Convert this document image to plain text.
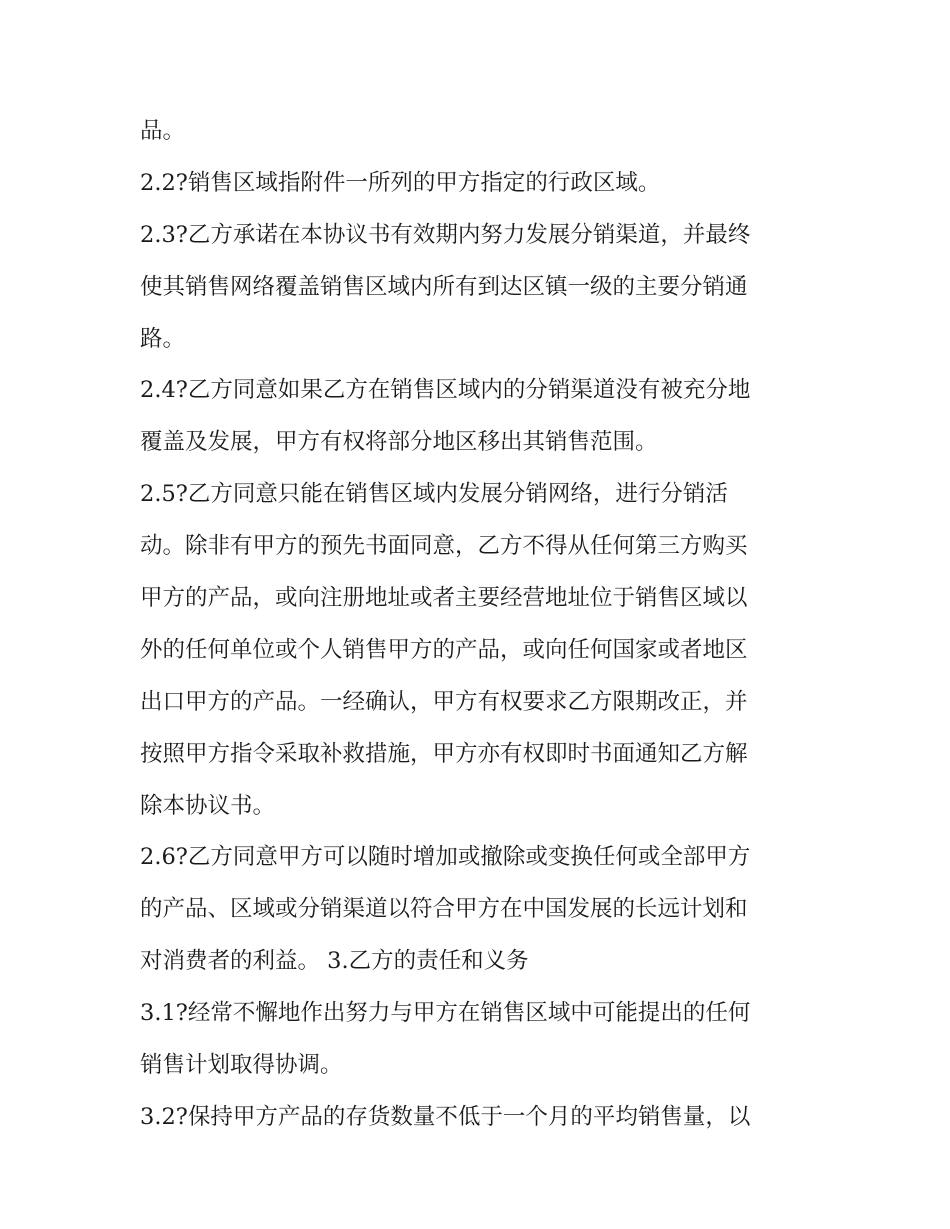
品。
2.2?销售区域指附件一所列的甲方指定的行政区域。
2.3?乙方承诺在本协议书有效期内努力发展分销渠道，并最终
使其销售网络覆盖销售区域内所有到达区镇一级的主要分销通
路。
2.4?乙方同意如果乙方在销售区域内的分销渠道没有被充分地
覆盖及发展，甲方有权将部分地区移出其销售范围。
2.5?乙方同意只能在销售区域内发展分销网络，进行分销活
动。除非有甲方的预先书面同意，乙方不得从任何第三方购买
甲方的产品，或向注册地址或者主要经营地址位于销售区域以
外的任何单位或个人销售甲方的产品，或向任何国家或者地区
出口甲方的产品。一经确认，甲方有权要求乙方限期改正，并
按照甲方指令采取补救措施，甲方亦有权即时书面通知乙方解
除本协议书。
2.6?乙方同意甲方可以随时增加或撤除或变换任何或全部甲方
的产品、区域或分销渠道以符合甲方在中国发展的长远计划和
对消费者的利益。 3.乙方的责任和义务
3.1?经常不懈地作出努力与甲方在销售区域中可能提出的任何
销售计划取得协调。
3.2?保持甲方产品的存货数量不低于一个月的平均销售量，以
